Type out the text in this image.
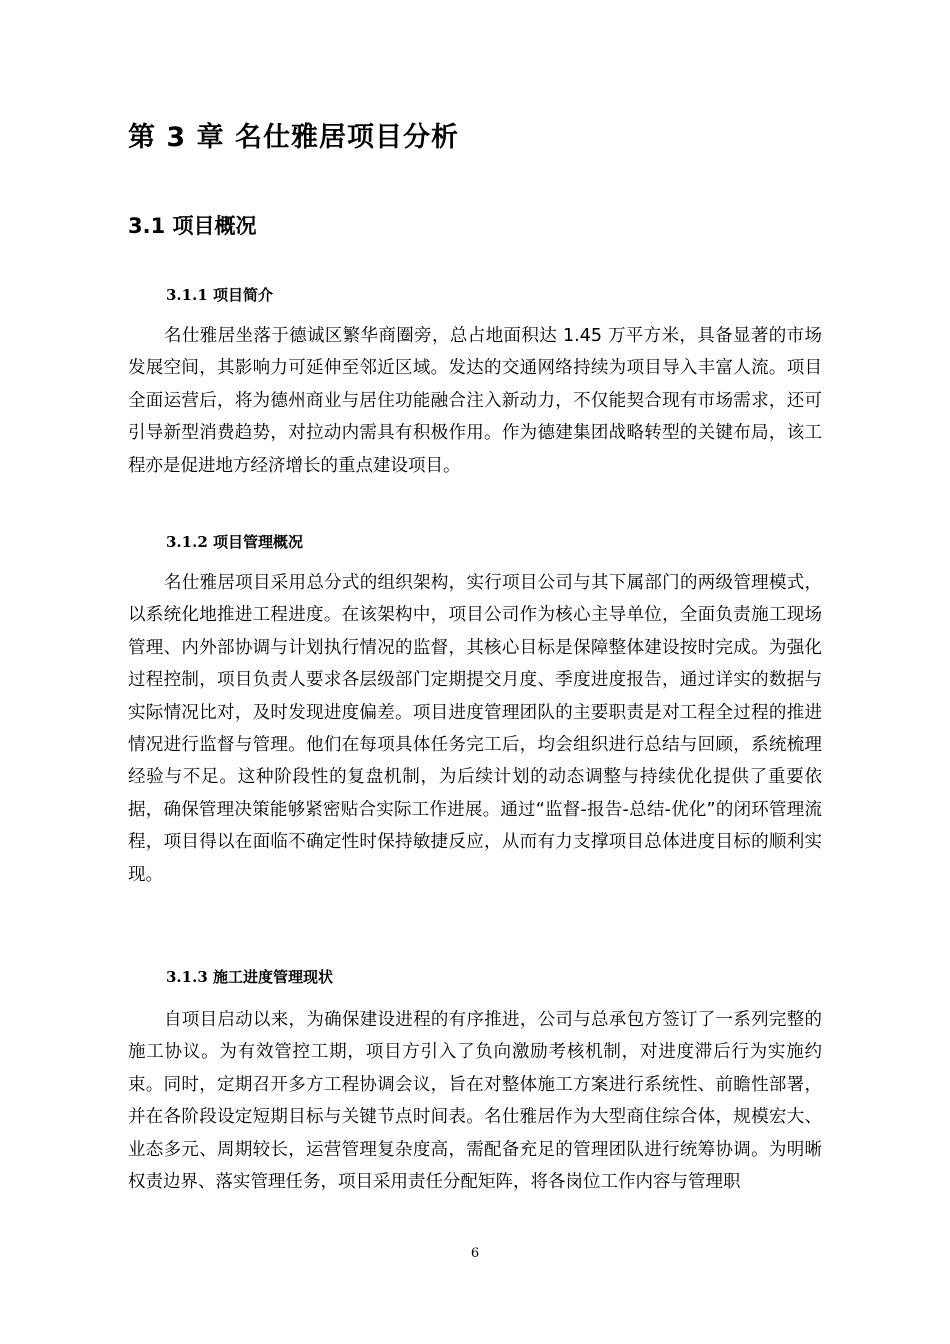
第 3 章 名仕雅居项目分析
3.1 项目概况
3.1.1 项目简介

名仕雅居坐落于德诚区繁华商圈旁，总占地面积达 1.45 万平方米，具备显著的市场发展空间，其影响力可延伸至邻近区域。发达的交通网络持续为项目导入丰富人流。项目全面运营后，将为德州商业与居住功能融合注入新动力，不仅能契合现有市场需求，还可引导新型消费趋势，对拉动内需具有积极作用。作为德建集团战略转型的关键布局，该工程亦是促进地方经济增长的重点建设项目。

3.1.2 项目管理概况

名仕雅居项目采用总分式的组织架构，实行项目公司与其下属部门的两级管理模式，以系统化地推进工程进度。在该架构中，项目公司作为核心主导单位，全面负责施工现场管理、内外部协调与计划执行情况的监督，其核心目标是保障整体建设按时完成。为强化过程控制，项目负责人要求各层级部门定期提交月度、季度进度报告，通过详实的数据与实际情况比对，及时发现进度偏差。项目进度管理团队的主要职责是对工程全过程的推进情况进行监督与管理。他们在每项具体任务完工后，均会组织进行总结与回顾，系统梳理经验与不足。这种阶段性的复盘机制，为后续计划的动态调整与持续优化提供了重要依据，确保管理决策能够紧密贴合实际工作进展。通过“监督-报告-总结-优化”的闭环管理流程，项目得以在面临不确定性时保持敏捷反应，从而有力支撑项目总体进度目标的顺利实现。

3.1.3 施工进度管理现状

自项目启动以来，为确保建设进程的有序推进，公司与总承包方签订了一系列完整的施工协议。为有效管控工期，项目方引入了负向激励考核机制，对进度滞后行为实施约束。同时，定期召开多方工程协调会议，旨在对整体施工方案进行系统性、前瞻性部署，并在各阶段设定短期目标与关键节点时间表。名仕雅居作为大型商住综合体，规模宏大、业态多元、周期较长，运营管理复杂度高，需配备充足的管理团队进行统筹协调。为明晰权责边界、落实管理任务，项目采用责任分配矩阵，将各岗位工作内容与管理职

6
